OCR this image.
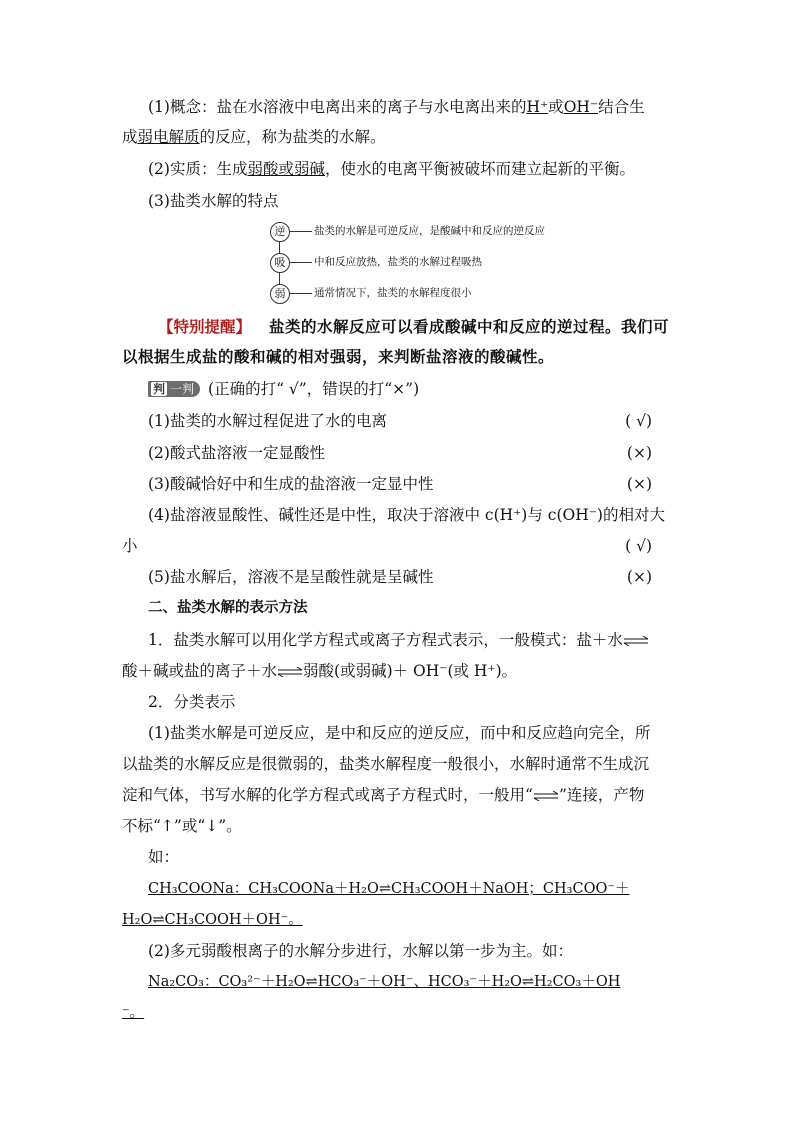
(1)概念：盐在水溶液中电离出来的离子与水电离出来的H⁺或OH⁻结合生
成弱电解质的反应，称为盐类的水解。
(2)实质：生成弱酸或弱碱，使水的电离平衡被破坏而建立起新的平衡。
(3)盐类水解的特点
逆	盐类的水解是可逆反应，是酸碱中和反应的逆反应
吸	中和反应放热，盐类的水解过程吸热
弱	通常情况下，盐类的水解程度很小
【特别提醒】 盐类的水解反应可以看成酸碱中和反应的逆过程。我们可
以根据生成盐的酸和碱的相对强弱，来判断盐溶液的酸碱性。
判 一判 (正确的打“ √”，错误的打“×”)
(1)盐类的水解过程促进了水的电离	( √)
(2)酸式盐溶液一定显酸性	(×)
(3)酸碱恰好中和生成的盐溶液一定显中性	(×)
(4)盐溶液显酸性、碱性还是中性，取决于溶液中 c(H⁺)与 c(OH⁻)的相对大
小	( √)
(5)盐水解后，溶液不是呈酸性就是呈碱性	(×)
二、盐类水解的表示方法
1．盐类水解可以用化学方程式或离子方程式表示，一般模式：盐＋水⇌
酸＋碱或盐的离子＋水⇌弱酸(或弱碱)＋ OH⁻(或 H⁺)。
2．分类表示
(1)盐类水解是可逆反应，是中和反应的逆反应，而中和反应趋向完全，所
以盐类的水解反应是很微弱的，盐类水解程度一般很小，水解时通常不生成沉
淀和气体，书写水解的化学方程式或离子方程式时，一般用“⇌”连接，产物
不标“↑”或“↓”。
如：
CH₃COONa：CH₃COONa＋H₂O⇌CH₃COOH＋NaOH；CH₃COO⁻＋
H₂O⇌CH₃COOH＋OH⁻。
(2)多元弱酸根离子的水解分步进行，水解以第一步为主。如：
Na₂CO₃：CO₃²⁻＋H₂O⇌HCO₃⁻＋OH⁻、HCO₃⁻＋H₂O⇌H₂CO₃＋OH
⁻。
